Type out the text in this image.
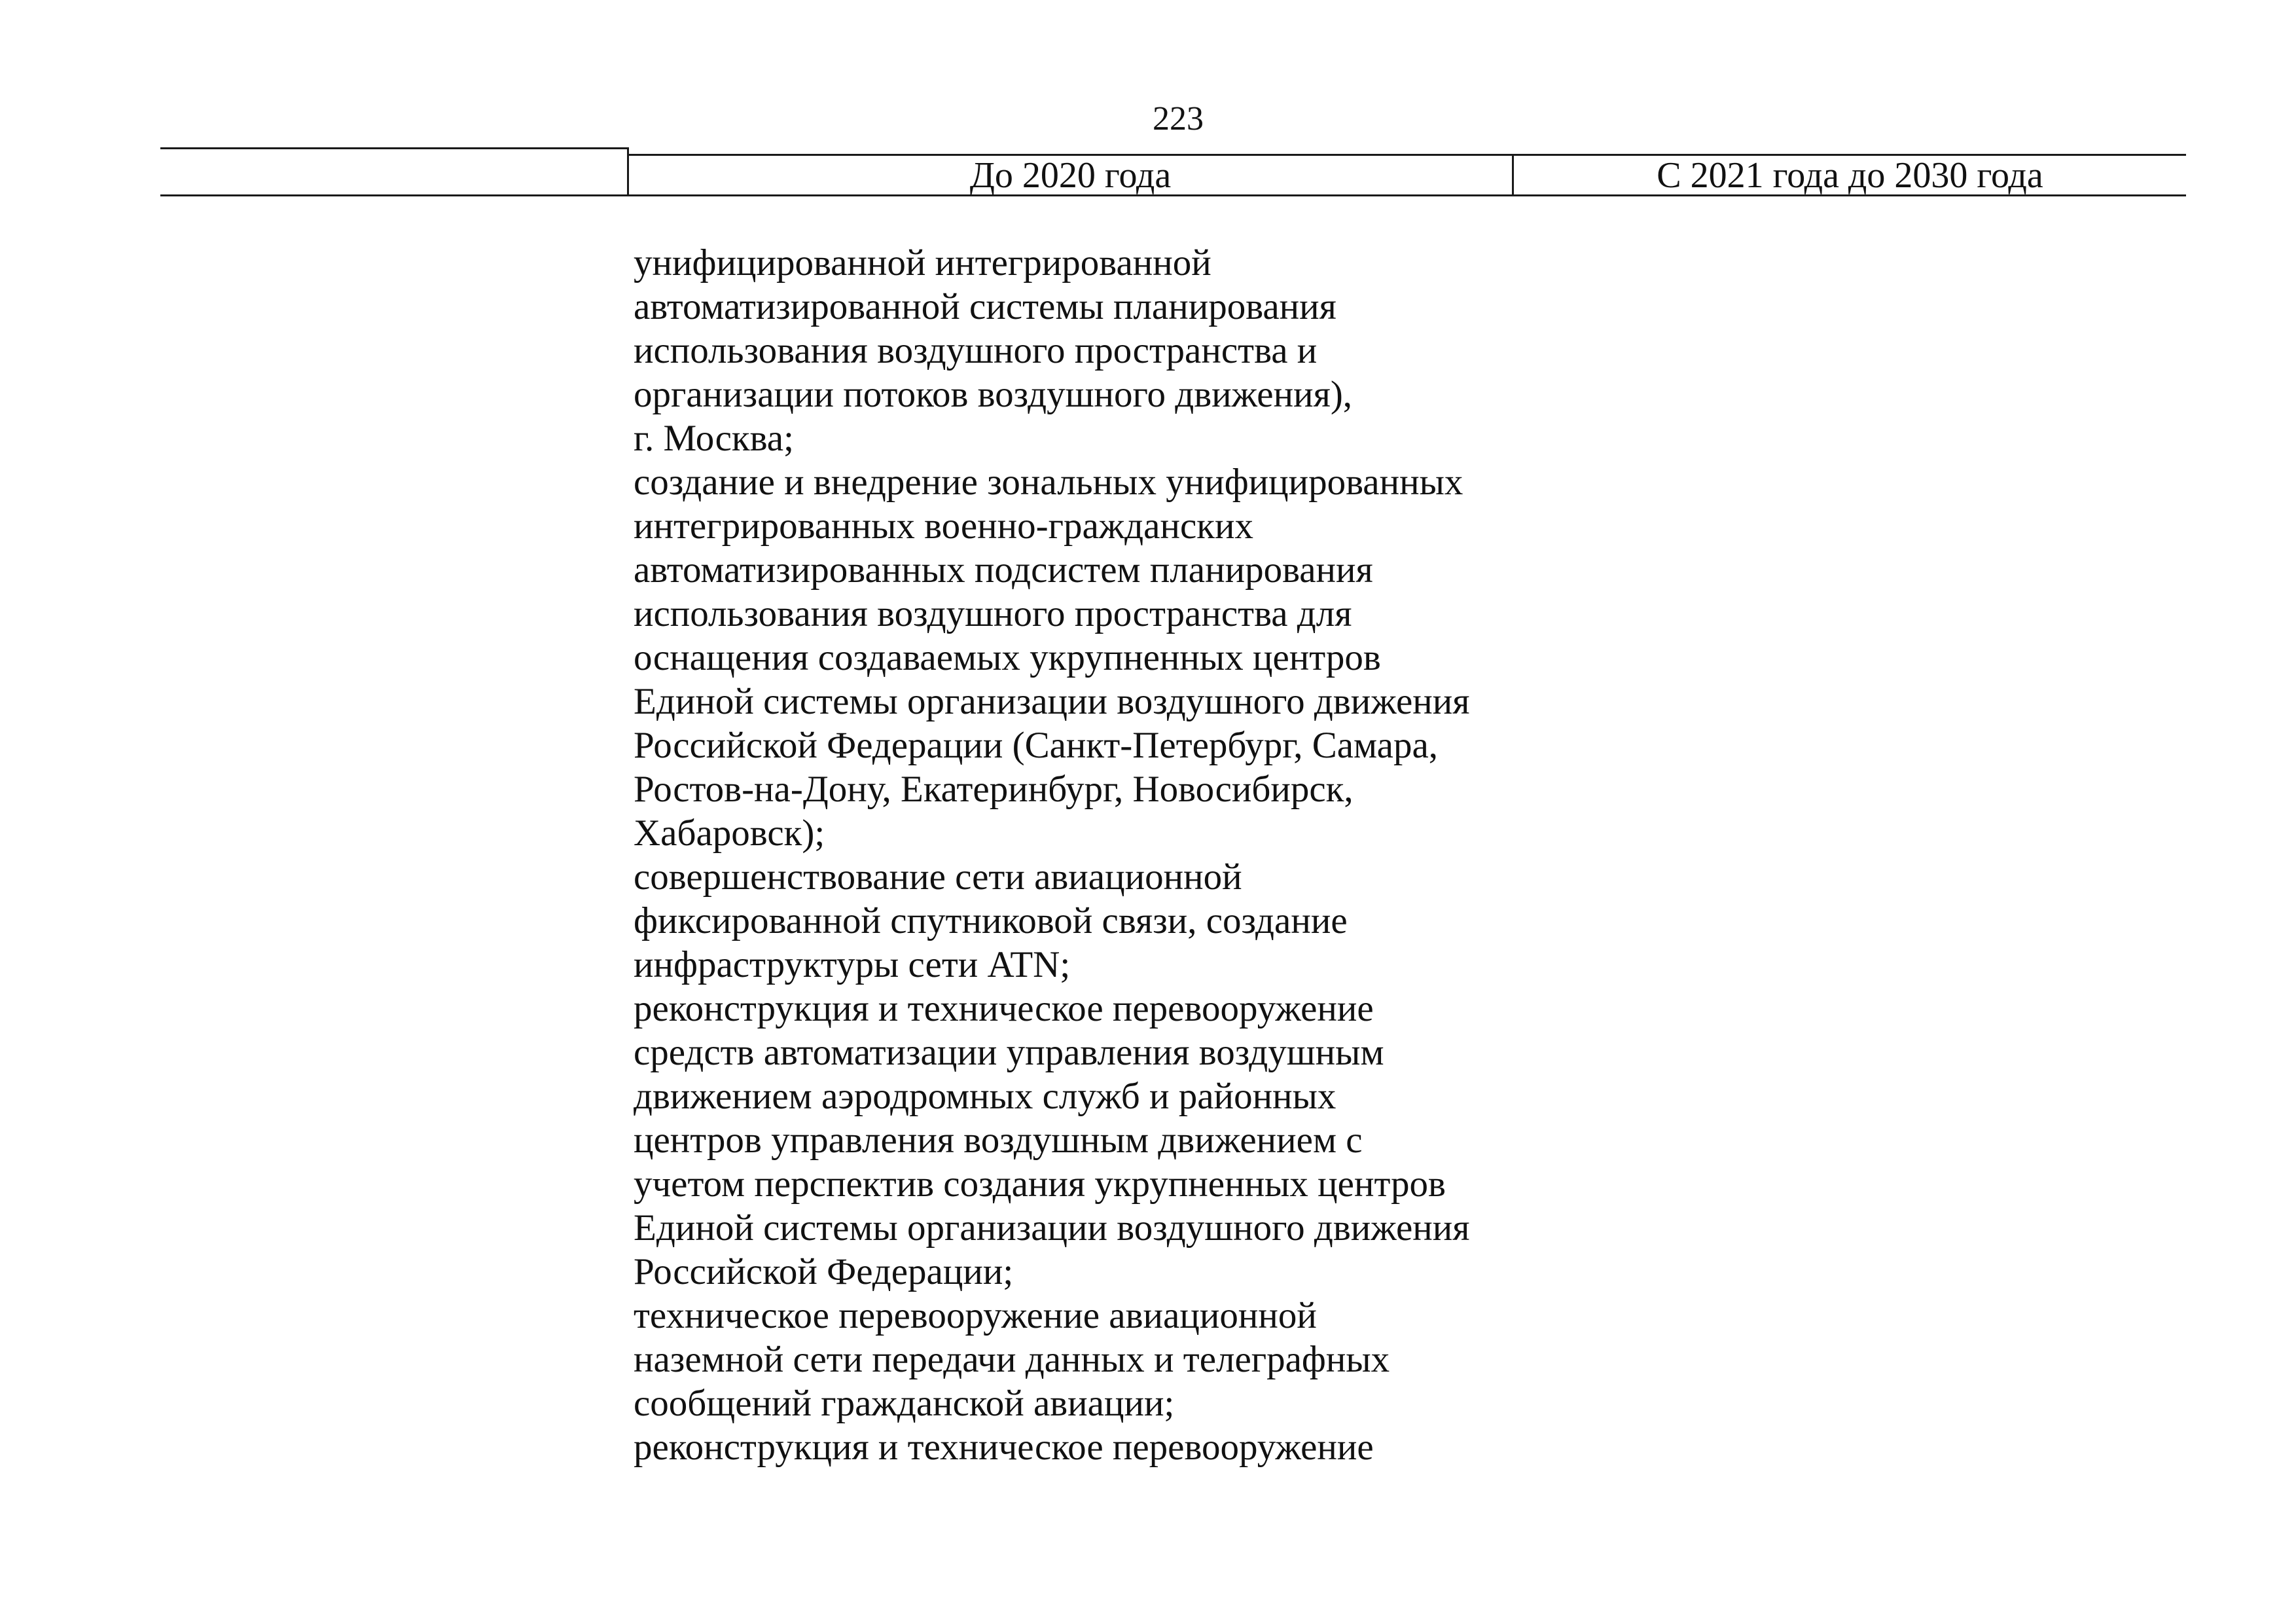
223
До 2020 года	С 2021 года до 2030 года
унифицированной интегрированной
автоматизированной системы планирования
использования воздушного пространства и
организации потоков воздушного движения),
г. Москва;
создание и внедрение зональных унифицированных
интегрированных военно-гражданских
автоматизированных подсистем планирования
использования воздушного пространства для
оснащения создаваемых укрупненных центров
Единой системы организации воздушного движения
Российской Федерации (Санкт-Петербург, Самара,
Ростов-на-Дону, Екатеринбург, Новосибирск,
Хабаровск);
совершенствование сети авиационной
фиксированной спутниковой связи, создание
инфраструктуры сети ATN;
реконструкция и техническое перевооружение
средств автоматизации управления воздушным
движением аэродромных служб и районных
центров управления воздушным движением с
учетом перспектив создания укрупненных центров
Единой системы организации воздушного движения
Российской Федерации;
техническое перевооружение авиационной
наземной сети передачи данных и телеграфных
сообщений гражданской авиации;
реконструкция и техническое перевооружение
